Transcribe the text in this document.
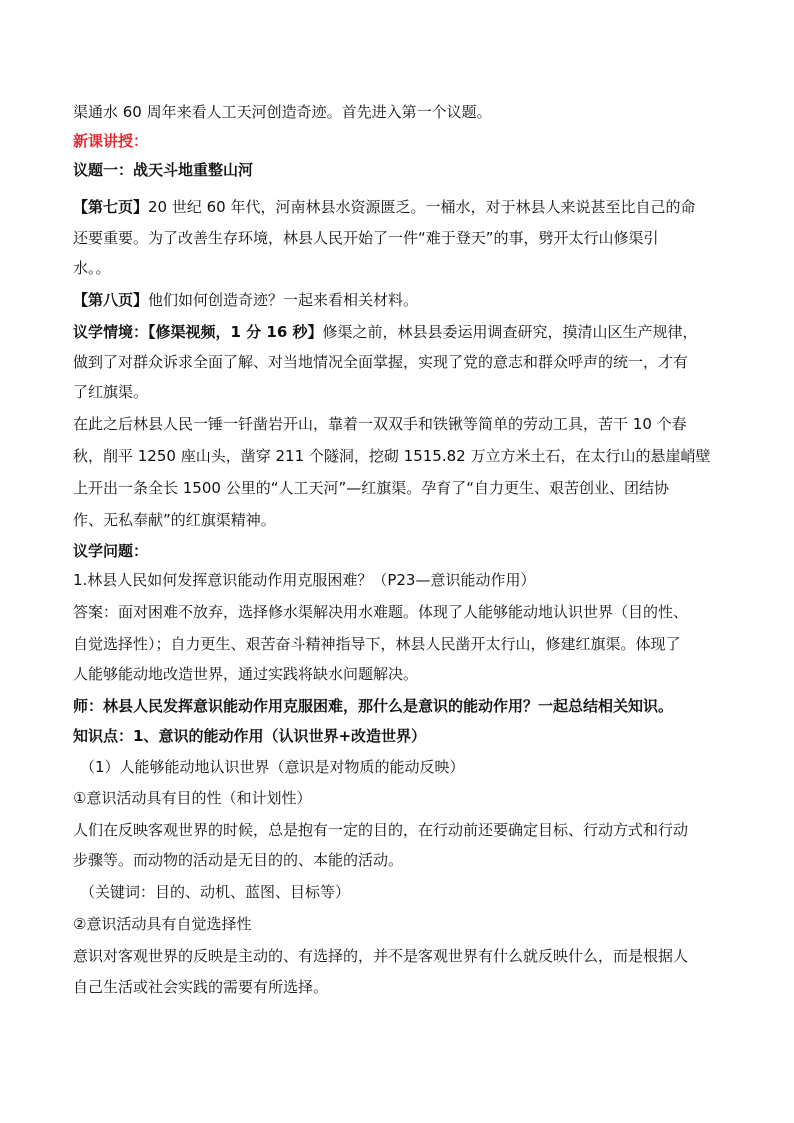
渠通水 60 周年来看人工天河创造奇迹。首先进入第一个议题。
新课讲授：
议题一：战天斗地重整山河
【第七页】20 世纪 60 年代，河南林县水资源匮乏。一桶水，对于林县人来说甚至比自己的命
还要重要。为了改善生存环境，林县人民开始了一件“难于登天”的事，劈开太行山修渠引
水。。
【第八页】他们如何创造奇迹？一起来看相关材料。
议学情境：【修渠视频，1 分 16 秒】修渠之前，林县县委运用调查研究，摸清山区生产规律，
做到了对群众诉求全面了解、对当地情况全面掌握，实现了党的意志和群众呼声的统一，才有
了红旗渠。
在此之后林县人民一锤一钎凿岩开山，靠着一双双手和铁锹等简单的劳动工具，苦干 10 个春
秋，削平 1250 座山头，凿穿 211 个隧洞，挖砌 1515.82 万立方米土石，在太行山的悬崖峭壁
上开出一条全长 1500 公里的“人工天河”—红旗渠。孕育了“自力更生、艰苦创业、团结协
作、无私奉献”的红旗渠精神。
议学问题：
1.林县人民如何发挥意识能动作用克服困难？（P23—意识能动作用）
答案：面对困难不放弃，选择修水渠解决用水难题。体现了人能够能动地认识世界（目的性、
自觉选择性）；自力更生、艰苦奋斗精神指导下，林县人民凿开太行山，修建红旗渠。体现了
人能够能动地改造世界，通过实践将缺水问题解决。
师：林县人民发挥意识能动作用克服困难，那什么是意识的能动作用？一起总结相关知识。
知识点：1、意识的能动作用（认识世界+改造世界）
（1）人能够能动地认识世界（意识是对物质的能动反映）
①意识活动具有目的性（和计划性）
人们在反映客观世界的时候，总是抱有一定的目的，在行动前还要确定目标、行动方式和行动
步骤等。而动物的活动是无目的的、本能的活动。
（关键词：目的、动机、蓝图、目标等）
②意识活动具有自觉选择性
意识对客观世界的反映是主动的、有选择的，并不是客观世界有什么就反映什么，而是根据人
自己生活或社会实践的需要有所选择。
